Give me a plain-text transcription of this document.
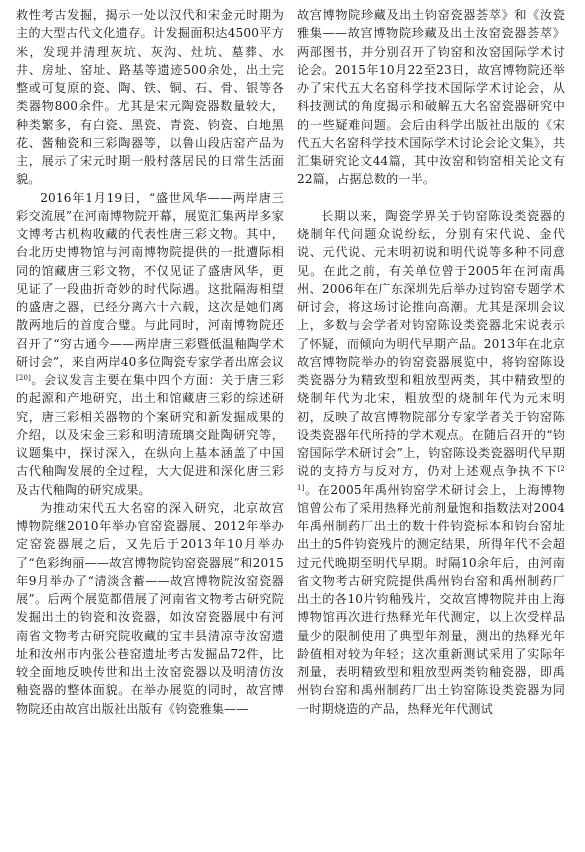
救性考古发掘，揭示一处以汉代和宋金元时期为主的大型古代文化遗存。计发掘面积达4500平方米，发现并清理灰坑、灰沟、灶坑、墓葬、水井、房址、窑址、路基等遗迹500余处，出土完整或可复原的瓷、陶、铁、铜、石、骨、银等各类器物800余件。尤其是宋元陶瓷器数量较大，种类繁多，有白瓷、黑瓷、青瓷、钧瓷、白地黑花、酱釉瓷和三彩陶器等，以鲁山段店窑产品为主，展示了宋元时期一般村落居民的日常生活面貌。

2016年1月19日，“盛世风华——两岸唐三彩交流展”在河南博物院开幕，展览汇集两岸多家文博考古机构收藏的代表性唐三彩文物。其中，台北历史博物馆与河南博物院提供的一批遭际相同的馆藏唐三彩文物，不仅见证了盛唐风华，更见证了一段曲折奇妙的时代际遇。这批隔海相望的盛唐之器，已经分离六十六载，这次是她们离散两地后的首度合璧。与此同时，河南博物院还召开了“穷古通今——两岸唐三彩暨低温釉陶学术研讨会”，来自两岸40多位陶瓷专家学者出席会议[20]。会议发言主要在集中四个方面：关于唐三彩的起源和产地研究，出土和馆藏唐三彩的综述研究，唐三彩相关器物的个案研究和新发掘成果的介绍，以及宋金三彩和明清琉璃交趾陶研究等，议题集中，探讨深入，在纵向上基本涵盖了中国古代釉陶发展的全过程，大大促进和深化唐三彩及古代釉陶的研究成果。

为推动宋代五大名窑的深入研究，北京故宫博物院继2010年举办官窑瓷器展、2012年举办定窑瓷器展之后，又先后于2013年10月举办了“色彩绚丽——故宫博物院钧窑瓷器展”和2015年9月举办了“清淡含蓄——故宫博物院汝窑瓷器展”。后两个展览都借展了河南省文物考古研究院发掘出土的钧瓷和汝瓷器，如汝窑瓷器展中有河南省文物考古研究院收藏的宝丰县清凉寺汝窑遗址和汝州市内张公巷窑遗址考古发掘品72件，比较全面地反映传世和出土汝窑瓷器以及明清仿汝釉瓷器的整体面貌。在举办展览的同时，故宫博物院还由故宫出版社出版有《钧瓷雅集——

故宫博物院珍藏及出土钧窑瓷器荟萃》和《汝瓷雅集——故宫博物院珍藏及出土汝窑瓷器荟萃》两部图书，并分别召开了钧窑和汝窑国际学术讨论会。2015年10月22至23日，故宫博物院还举办了宋代五大名窑科学技术国际学术讨论会，从科技测试的角度揭示和破解五大名窑瓷器研究中的一些疑难问题。会后由科学出版社出版的《宋代五大名窑科学技术国际学术讨论会论文集》，共汇集研究论文44篇，其中汝窑和钧窑相关论文有22篇，占据总数的一半。

长期以来，陶瓷学界关于钧窑陈设类瓷器的烧制年代问题众说纷纭，分别有宋代说、金代说、元代说、元末明初说和明代说等多种不同意见。在此之前，有关单位曾于2005年在河南禹州、2006年在广东深圳先后举办过钧窑专题学术研讨会，将这场讨论推向高潮。尤其是深圳会议上，多数与会学者对钧窑陈设类瓷器北宋说表示了怀疑，而倾向为明代早期产品。2013年在北京故宫博物院举办的钧窑瓷器展览中，将钧窑陈设类瓷器分为精致型和粗放型两类，其中精致型的烧制年代为北宋，粗放型的烧制年代为元末明初，反映了故宫博物院部分专家学者关于钧窑陈设类瓷器年代所持的学术观点。在随后召开的“钧窑国际学术研讨会”上，钧窑陈设类瓷器明代早期说的支持方与反对方，仍对上述观点争执不下[21]。在2005年禹州钧窑学术研讨会上，上海博物馆曾公布了采用热释光前剂量饱和指数法对2004年禹州制药厂出土的数十件钧瓷标本和钧台窑址出土的5件钧瓷残片的测定结果，所得年代不会超过元代晚期至明代早期。时隔10余年后，由河南省文物考古研究院提供禹州钧台窑和禹州制药厂出土的各10片钧釉残片，交故宫博物院并由上海博物馆再次进行热释光年代测定，以上次受样品量少的限制使用了典型年剂量，测出的热释光年龄值相对较为年轻；这次重新测试采用了实际年剂量，表明精致型和粗放型两类钧釉瓷器，即禹州钧台窑和禹州制药厂出土钧窑陈设类瓷器为同一时期烧造的产品，热释光年代测试
